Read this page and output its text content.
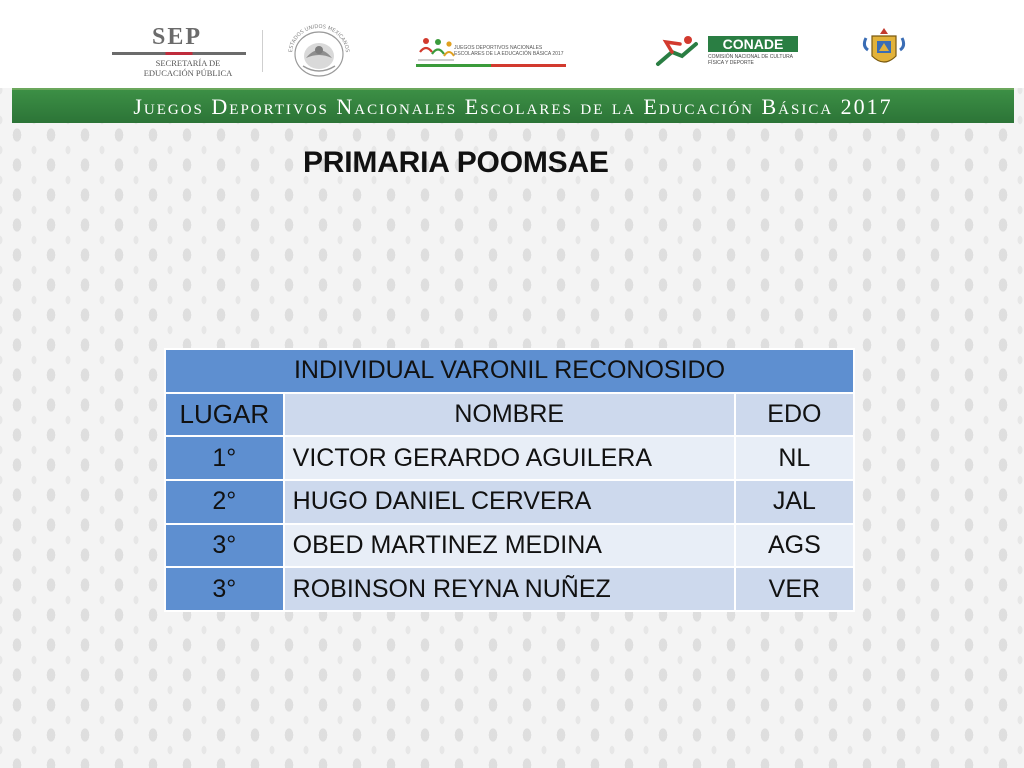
SEP
SECRETARÍA DE
EDUCACIÓN PÚBLICA
ESTADOS UNIDOS MEXICANOS	JUEGOS DEPORTIVOS NACIONALES ESCOLARES DE LA EDUCACIÓN BÁSICA 2017
CONADE
COMISIÓN NACIONAL DE CULTURA FÍSICA Y DEPORTE
Juegos Deportivos Nacionales Escolares de la Educación Básica 2017
PRIMARIA POOMSAE
INDIVIDUAL VARONIL RECONOSIDO		
LUGAR	NOMBRE	EDO
1°	VICTOR GERARDO AGUILERA	NL
2°	HUGO DANIEL CERVERA	JAL
3°	OBED MARTINEZ MEDINA	AGS
3°	ROBINSON REYNA NUÑEZ	VER
